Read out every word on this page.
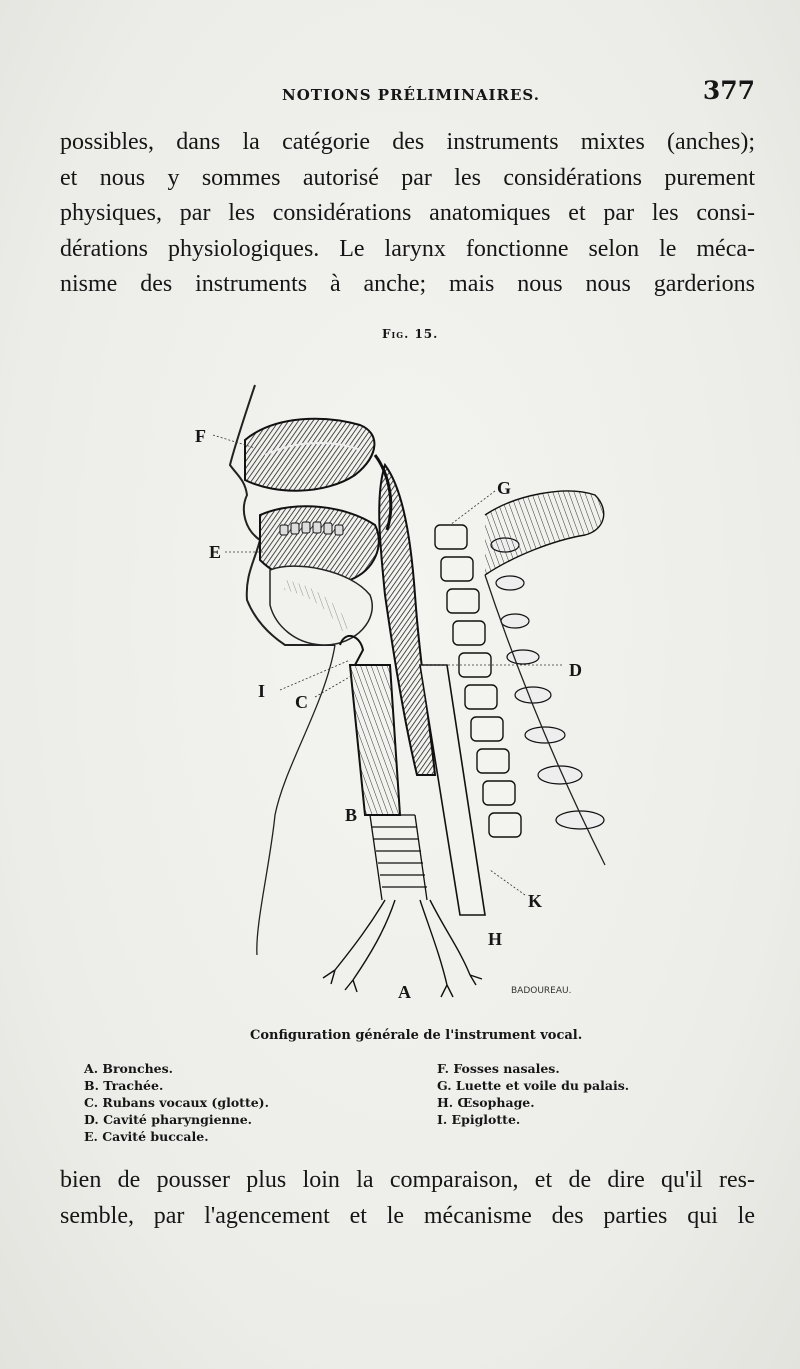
NOTIONS PRÉLIMINAIRES.	377
possibles, dans la catégorie des instruments mixtes (anches);
et nous y sommes autorisé par les considérations purement
physiques, par les considérations anatomiques et par les consi-
dérations physiologiques. Le larynx fonctionne selon le méca-
nisme des instruments à anche; mais nous nous garderions
Fig. 15.
F
E
G
D
I
C
B
K
H
A	BADOUREAU.
Configuration générale de l'instrument vocal.
A. Bronches.
B. Trachée.
C. Rubans vocaux (glotte).
D. Cavité pharyngienne.
E. Cavité buccale.
F. Fosses nasales.
G. Luette et voile du palais.
H. Œsophage.
I. Epiglotte.
bien de pousser plus loin la comparaison, et de dire qu'il res-
semble, par l'agencement et le mécanisme des parties qui le
